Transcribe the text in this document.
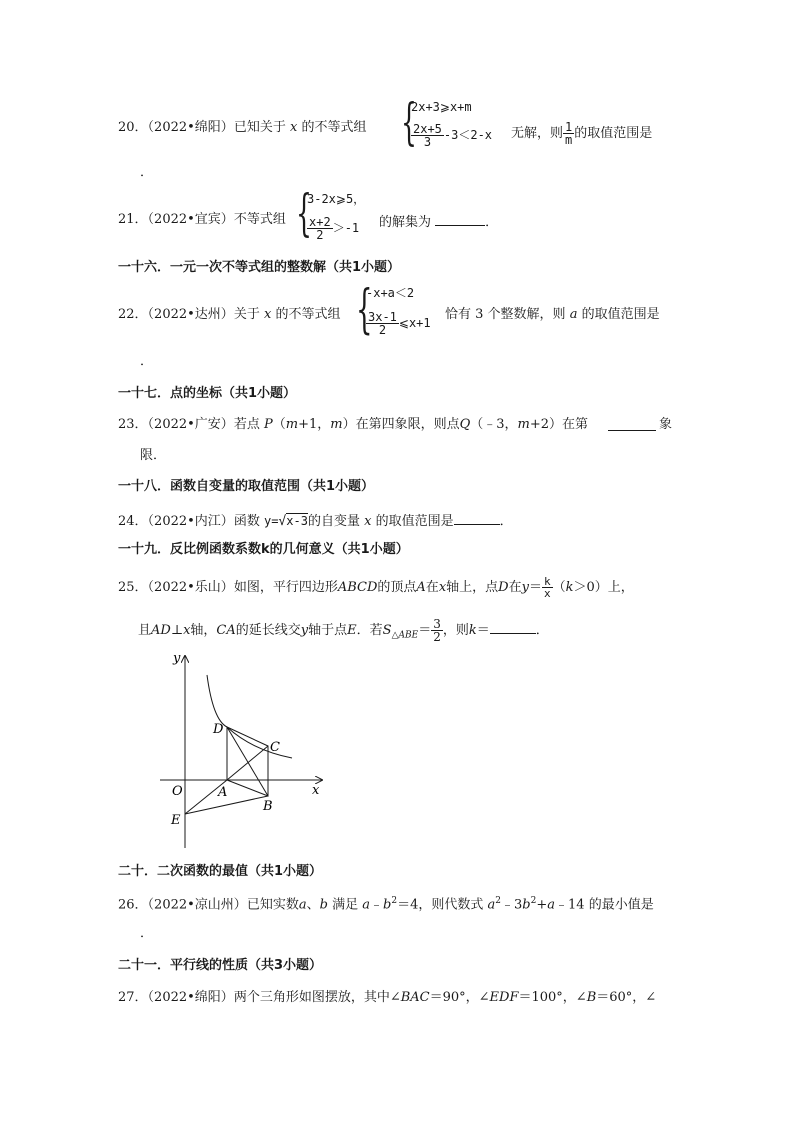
20．（2022•绵阳）已知关于 x 的不等式组 {
2x+3⩾x+m
$\frac{2x+5}{3} -3<2-x$ 无解，则 $\frac{1}{m}$ 的取值范围是
．
21．（2022•宜宾）不等式组 {
3-2x⩾5，
$\frac{x+2}{2} >-1$ 的解集为	．
一十六．一元一次不等式组的整数解（共1小题）
22．（2022•达州）关于 x 的不等式组 {
-x+a＜2
$\frac{3x-1}{2}$ ⩽x+1
恰有 3 个整数解，则 a 的取值范围是
．
一十七．点的坐标（共1小题）
23．（2022•广安）若点 P（m+1，m）在第四象限，则点Q（﹣3，m+2）在第	象
限．
一十八．函数自变量的取值范围（共1小题）
24．（2022•内江）函数 y=√x-3的自变量 x 的取值范围是	．
一十九．反比例函数系数k的几何意义（共1小题）
25．（2022•乐山）如图，平行四边形ABCD的顶点A在x轴上，点D在$y= \frac{k}{x} (k>0)$上，
且AD⊥x轴，CA的延长线交y轴于点E．若$S_{\triangle ABE}= \frac{3}{2}$ ，则k＝	．
y
x
O	A
B
C
D
E
二十．二次函数的最值（共1小题）
26．（2022•凉山州）已知实数a、b 满足 $a﹣b^2=4$，则代数式 $a^2﹣3b^2+a﹣14$ 的最小值是
．
二十一．平行线的性质（共3小题）
27．（2022•绵阳）两个三角形如图摆放，其中∠BAC＝90°，∠EDF＝100°，∠B＝60°，∠
